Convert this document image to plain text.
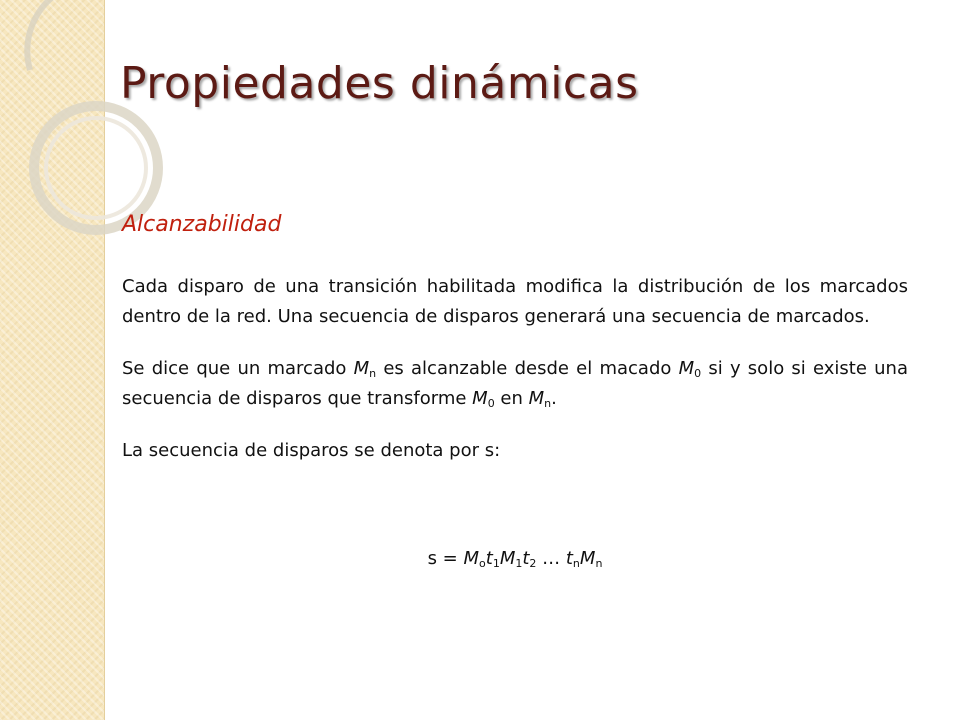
Propiedades dinámicas
Alcanzabilidad

Cada disparo de una transición habilitada modifica la distribución de los marcados dentro de la red. Una secuencia de disparos generará una secuencia de marcados.

Se dice que un marcado $M_n$ es alcanzable desde el macado $M_0$ si y solo si existe una secuencia de disparos que transforme $M_0$ en $M_n$.

La secuencia de disparos se denota por s:

$s = M_ot_1M_1t_2$ … $t_nM_n$
